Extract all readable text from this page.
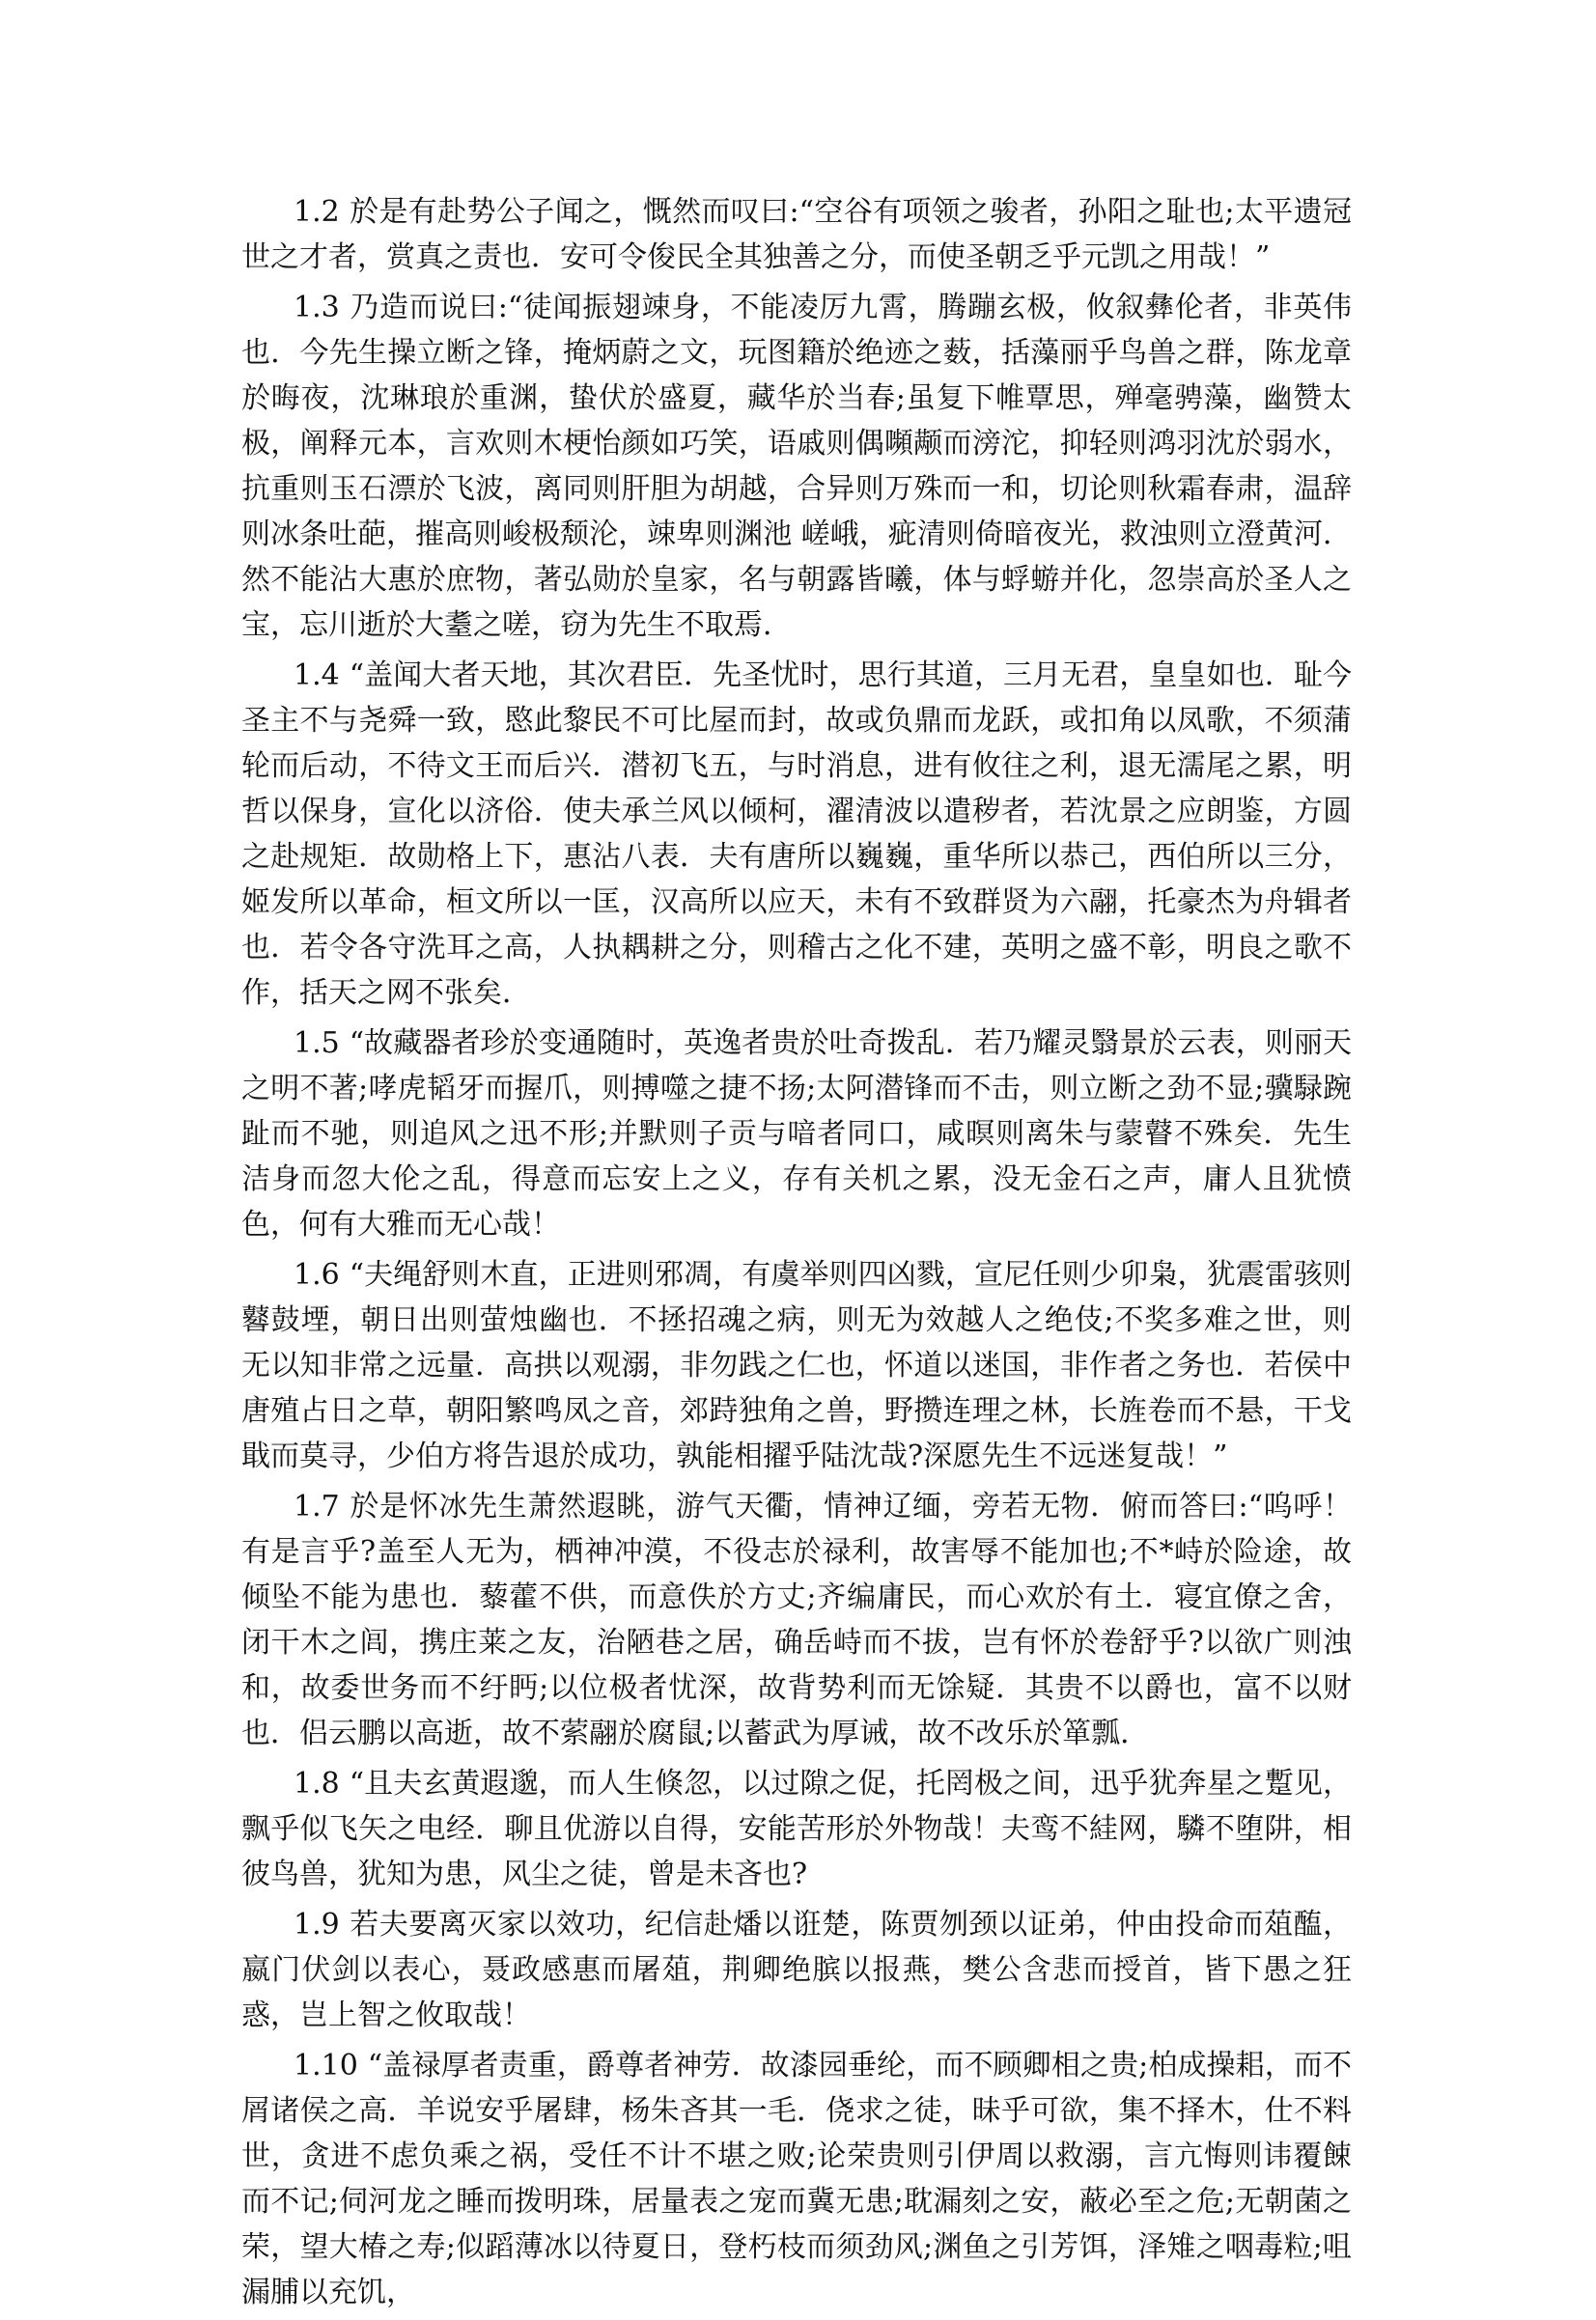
1.2 於是有赴势公子闻之，慨然而叹曰:“空谷有项领之骏者，孙阳之耻也;太平遗冠世之才者，赏真之责也．安可令俊民全其独善之分，而使圣朝乏乎元凯之用哉！”

1.3 乃造而说曰:“徒闻振翅竦身，不能凌厉九霄，腾蹦玄极，攸叙彝伦者，非英伟也．今先生操立断之锋，掩炳蔚之文，玩图籍於绝迹之薮，括藻丽乎鸟兽之群，陈龙章於晦夜，沈琳琅於重渊，蛰伏於盛夏，藏华於当春;虽复下帷覃思，殚毫骋藻，幽赞太极，阐释元本，言欢则木梗怡颜如巧笑，语戚则偶嚬颟而滂沱，抑轻则鸿羽沈於弱水，抗重则玉石漂於飞波，离同则肝胆为胡越，合异则万殊而一和，切论则秋霜春肃，温辞则冰条吐葩，摧高则峻极颓沦，竦卑则渊池 嵯峨，疵清则倚暗夜光，救浊则立澄黄河．然不能沾大惠於庶物，著弘勋於皇家，名与朝露皆曦，体与蜉蝣并化，忽崇高於圣人之宝，忘川逝於大耋之嗟，窃为先生不取焉．

1.4 “盖闻大者天地，其次君臣．先圣忧时，思行其道，三月无君，皇皇如也．耻今圣主不与尧舜一致，愍此黎民不可比屋而封，故或负鼎而龙跃，或扣角以凤歌，不须蒲轮而后动，不待文王而后兴．潜初飞五，与时消息，进有攸往之利，退无濡尾之累，明哲以保身，宣化以济俗．使夫承兰风以倾柯，濯清波以遣秽者，若沈景之应朗鉴，方圆之赴规矩．故勋格上下，惠沾八表．夫有唐所以巍巍，重华所以恭己，西伯所以三分，姬发所以革命，桓文所以一匡，汉高所以应天，未有不致群贤为六翮，托豪杰为舟辑者也．若令各守洗耳之高，人执耦耕之分，则稽古之化不建，英明之盛不彰，明良之歌不作，括天之网不张矣．

1.5 “故藏器者珍於变通随时，英逸者贵於吐奇拨乱．若乃耀灵翳景於云表，则丽天之明不著;哮虎韬牙而握爪，则搏噬之捷不扬;太阿潜锋而不击，则立断之劲不显;骥騄踠趾而不驰，则追风之迅不形;并默则子贡与喑者同口，咸暝则离朱与蒙瞽不殊矣．先生洁身而忽大伦之乱，得意而忘安上之义，存有关机之累，没无金石之声，庸人且犹愤色，何有大雅而无心哉！

1.6 “夫绳舒则木直，正进则邪凋，有虞举则四凶戮，宣尼任则少卯枭，犹震雷骇则鼛鼓堙，朝日出则萤烛幽也．不拯招魂之病，则无为效越人之绝伎;不奖多难之世，则无以知非常之远量．高拱以观溺，非勿践之仁也，怀道以迷国，非作者之务也．若侯中唐殖占日之草，朝阳繁鸣凤之音，郊跱独角之兽，野攒连理之林，长旌卷而不悬，干戈戢而莫寻，少伯方将告退於成功，孰能相擢乎陆沈哉?深愿先生不远迷复哉！”

1.7 於是怀冰先生萧然遐眺，游气天衢，情神辽缅，旁若无物．俯而答曰:“呜呼！有是言乎?盖至人无为，栖神冲漠，不役志於禄利，故害辱不能加也;不*峙於险途，故倾坠不能为患也．藜藿不供，而意佚於方丈;齐编庸民，而心欢於有土．寝宜僚之舍，闭干木之闾，携庄莱之友，治陋巷之居，确岳峙而不拔，岂有怀於卷舒乎?以欲广则浊和，故委世务而不纡眄;以位极者忧深，故背势利而无馀疑．其贵不以爵也，富不以财也．侣云鹏以高逝，故不萦翮於腐鼠;以蓄武为厚诫，故不改乐於箪瓢．

1.8 “且夫玄黄遐邈，而人生倏忽，以过隙之促，托罔极之间，迅乎犹奔星之蹔见，飘乎似飞矢之电经．聊且优游以自得，安能苦形於外物哉！夫鸾不絓网，驎不堕阱，相彼鸟兽，犹知为患，风尘之徒，曾是未吝也?

1.9 若夫要离灭家以效功，纪信赴燔以诳楚，陈贾刎颈以证弟，仲由投命而葅醢，嬴门伏剑以表心，聂政感惠而屠葅，荆卿绝膑以报燕，樊公含悲而授首，皆下愚之狂惑，岂上智之攸取哉！

1.10 “盖禄厚者责重，爵尊者神劳．故漆园垂纶，而不顾卿相之贵;柏成操耜，而不屑诸侯之高．羊说安乎屠肆，杨朱吝其一毛．侥求之徒，昧乎可欲，集不择木，仕不料世，贪进不虑负乘之祸，受任不计不堪之败;论荣贵则引伊周以救溺，言亢悔则讳覆餗而不记;伺河龙之睡而拨明珠，居量表之宠而冀无患;耽漏刻之安，蔽必至之危;无朝菌之荣，望大椿之寿;似蹈薄冰以待夏日，登朽枝而须劲风;渊鱼之引芳饵，泽雉之咽毒粒;咀漏脯以充饥，
